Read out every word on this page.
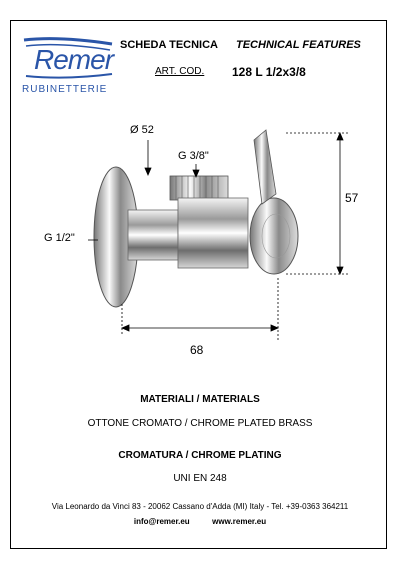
Remer
RUBINETTERIE
SCHEDA TECNICA TECHNICAL FEATURES
ART. COD. 128 L 1/2x3/8
Ø 52
G 3/8"
G 1/2"
57
68
MATERIALI / MATERIALS
OTTONE CROMATO / CHROME PLATED BRASS
CROMATURA / CHROME PLATING
UNI EN 248
Via Leonardo da Vinci 83 - 20062 Cassano d'Adda (MI) Italy - Tel. +39-0363 364211
info@remer.eu	www.remer.eu
